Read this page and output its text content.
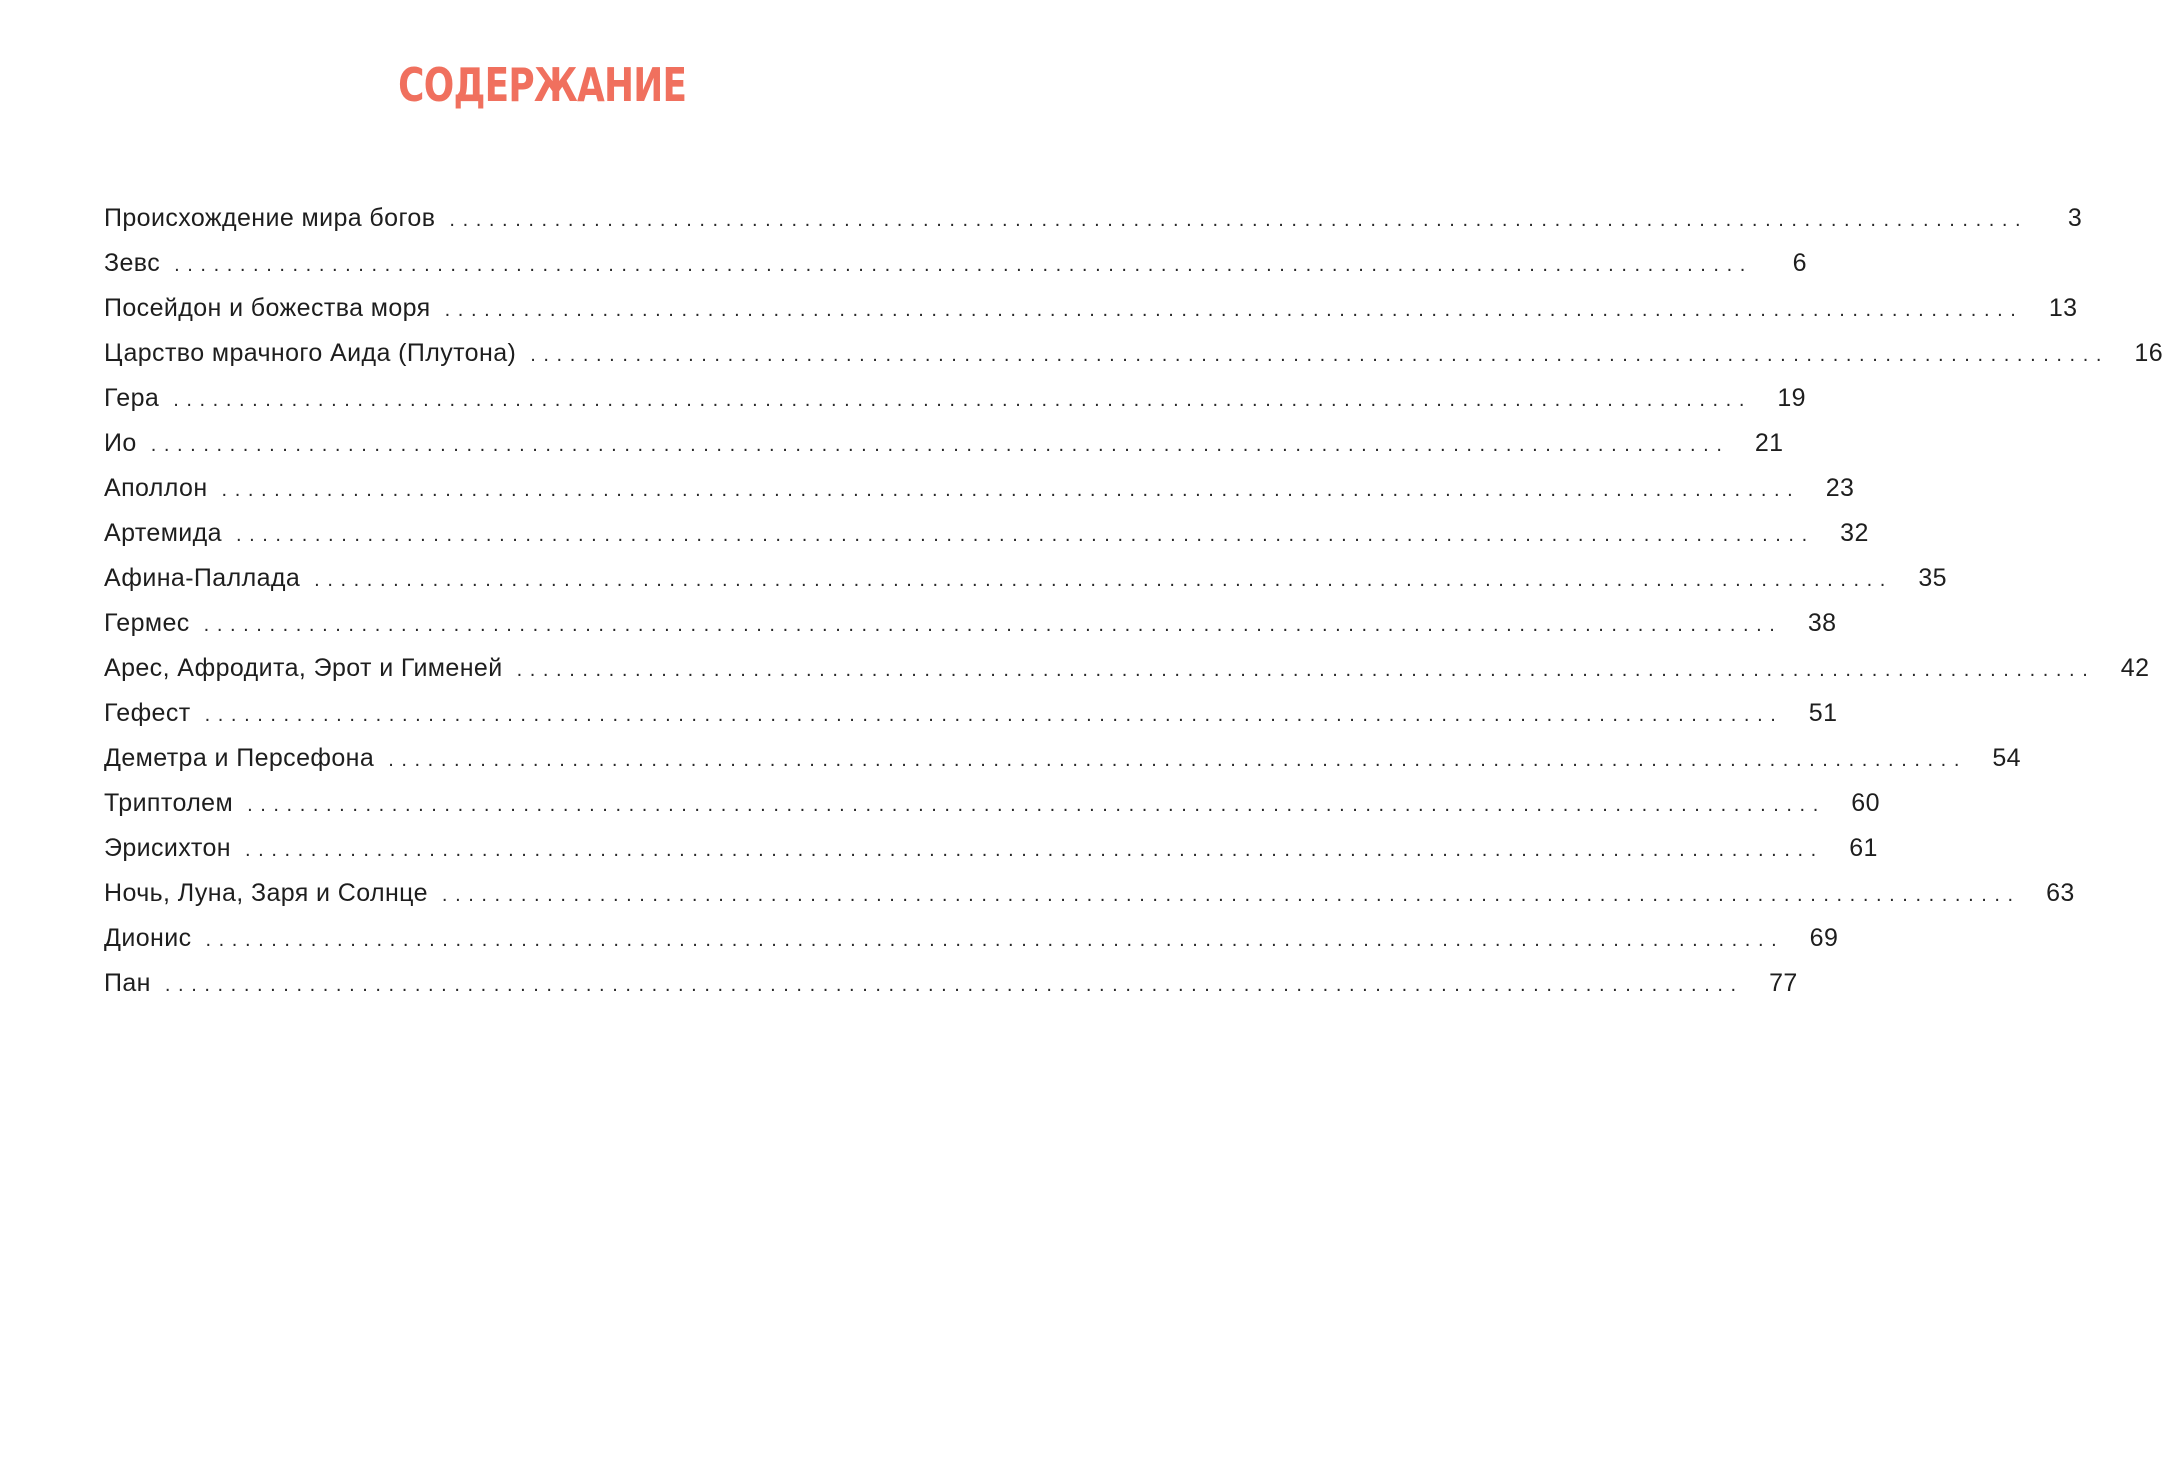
СОДЕРЖАНИЕ
Происхождение мира богов ........................................................................................................................	3
Зевс ........................................................................................................................	6
Посейдон и божества моря ........................................................................................................................	13
Царство мрачного Аида (Плутона) ........................................................................................................................	16
Гера ........................................................................................................................	19
Ио ........................................................................................................................	21
Аполлон ........................................................................................................................	23
Артемида ........................................................................................................................	32
Афина-Паллада ........................................................................................................................	35
Гермес ........................................................................................................................	38
Арес, Афродита, Эрот и Гименей ........................................................................................................................	42
Гефест ........................................................................................................................	51
Деметра и Персефона ........................................................................................................................	54
Триптолем ........................................................................................................................	60
Эрисихтон ........................................................................................................................	61
Ночь, Луна, Заря и Солнце ........................................................................................................................	63
Дионис ........................................................................................................................	69
Пан ........................................................................................................................	77
